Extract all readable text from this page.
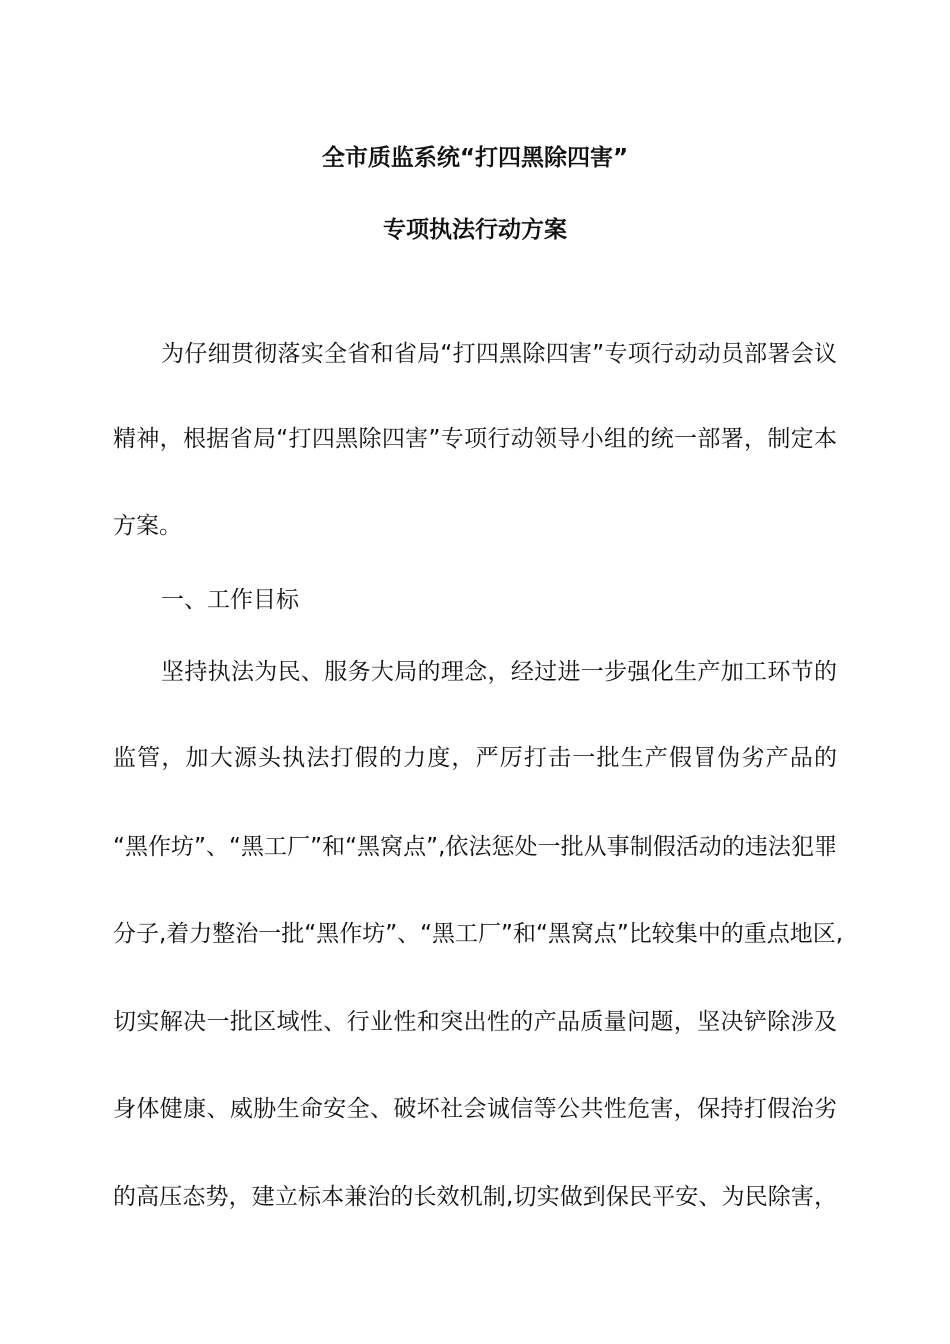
全市质监系统“打四黑除四害”
专项执法行动方案
为仔细贯彻落实全省和省局“打四黑除四害”专项行动动员部署会议
精神，根据省局“打四黑除四害”专项行动领导小组的统一部署，制定本
方案。
一、工作目标
坚持执法为民、服务大局的理念，经过进一步强化生产加工环节的
监管，加大源头执法打假的力度，严厉打击一批生产假冒伪劣产品的
“黑作坊”、“黑工厂”和“黑窝点”,依法惩处一批从事制假活动的违法犯罪
分子,着力整治一批“黑作坊”、“黑工厂”和“黑窝点”比较集中的重点地区,
切实解决一批区域性、行业性和突出性的产品质量问题，坚决铲除涉及
身体健康、威胁生命安全、破坏社会诚信等公共性危害，保持打假治劣
的高压态势，建立标本兼治的长效机制,切实做到保民平安、为民除害，
